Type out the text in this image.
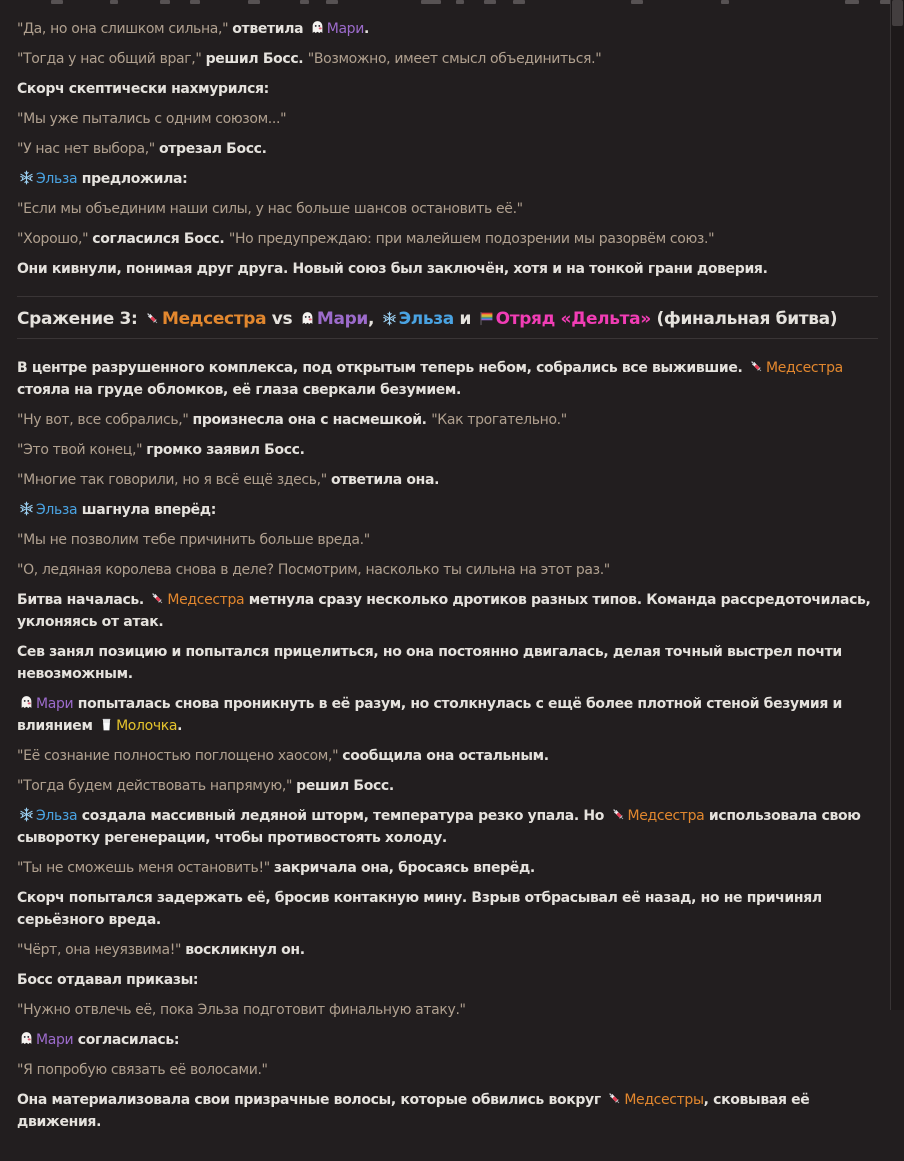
"Да, но она слишком сильна," ответила
Мари.

"Тогда у нас общий враг," решил Босс. "Возможно, имеет смысл объединиться."

Скорч скептически нахмурился:

"Мы уже пытались с одним союзом..."

"У нас нет выбора," отрезал Босс.

Эльза предложила:

"Если мы объединим наши силы, у нас больше шансов остановить её."

"Хорошо," согласился Босс. "Но предупреждаю: при малейшем подозрении мы разорвём союз."

Они кивнули, понимая друг друга. Новый союз был заключён, хотя и на тонкой грани доверия.

Сражение 3:
Медсестра vs
Мари,
Эльза и
Отряд «Дельта» (финальная битва)

В центре разрушенного комплекса, под открытым теперь небом, собрались все выжившие.
Медсестра стояла на груде обломков, её глаза сверкали безумием.

"Ну вот, все собрались," произнесла она с насмешкой. "Как трогательно."

"Это твой конец," громко заявил Босс.

"Многие так говорили, но я всё ещё здесь," ответила она.

Эльза шагнула вперёд:

"Мы не позволим тебе причинить больше вреда."

"О, ледяная королева снова в деле? Посмотрим, насколько ты сильна на этот раз."

Битва началась.
Медсестра метнула сразу несколько дротиков разных типов. Команда рассредоточилась, уклоняясь от атак.

Сев занял позицию и попытался прицелиться, но она постоянно двигалась, делая точный выстрел почти невозможным.

Мари попыталась снова проникнуть в её разум, но столкнулась с ещё более плотной стеной безумия и влиянием
Молочка.

"Её сознание полностью поглощено хаосом," сообщила она остальным.

"Тогда будем действовать напрямую," решил Босс.

Эльза создала массивный ледяной шторм, температура резко упала. Но
Медсестра использовала свою сыворотку регенерации, чтобы противостоять холоду.

"Ты не сможешь меня остановить!" закричала она, бросаясь вперёд.

Скорч попытался задержать её, бросив контакную мину. Взрыв отбрасывал её назад, но не причинял серьёзного вреда.

"Чёрт, она неуязвима!" воскликнул он.

Босс отдавал приказы:

"Нужно отвлечь её, пока Эльза подготовит финальную атаку."

Мари согласилась:

"Я попробую связать её волосами."

Она материализовала свои призрачные волосы, которые обвились вокруг
Медсестры, сковывая её движения.
